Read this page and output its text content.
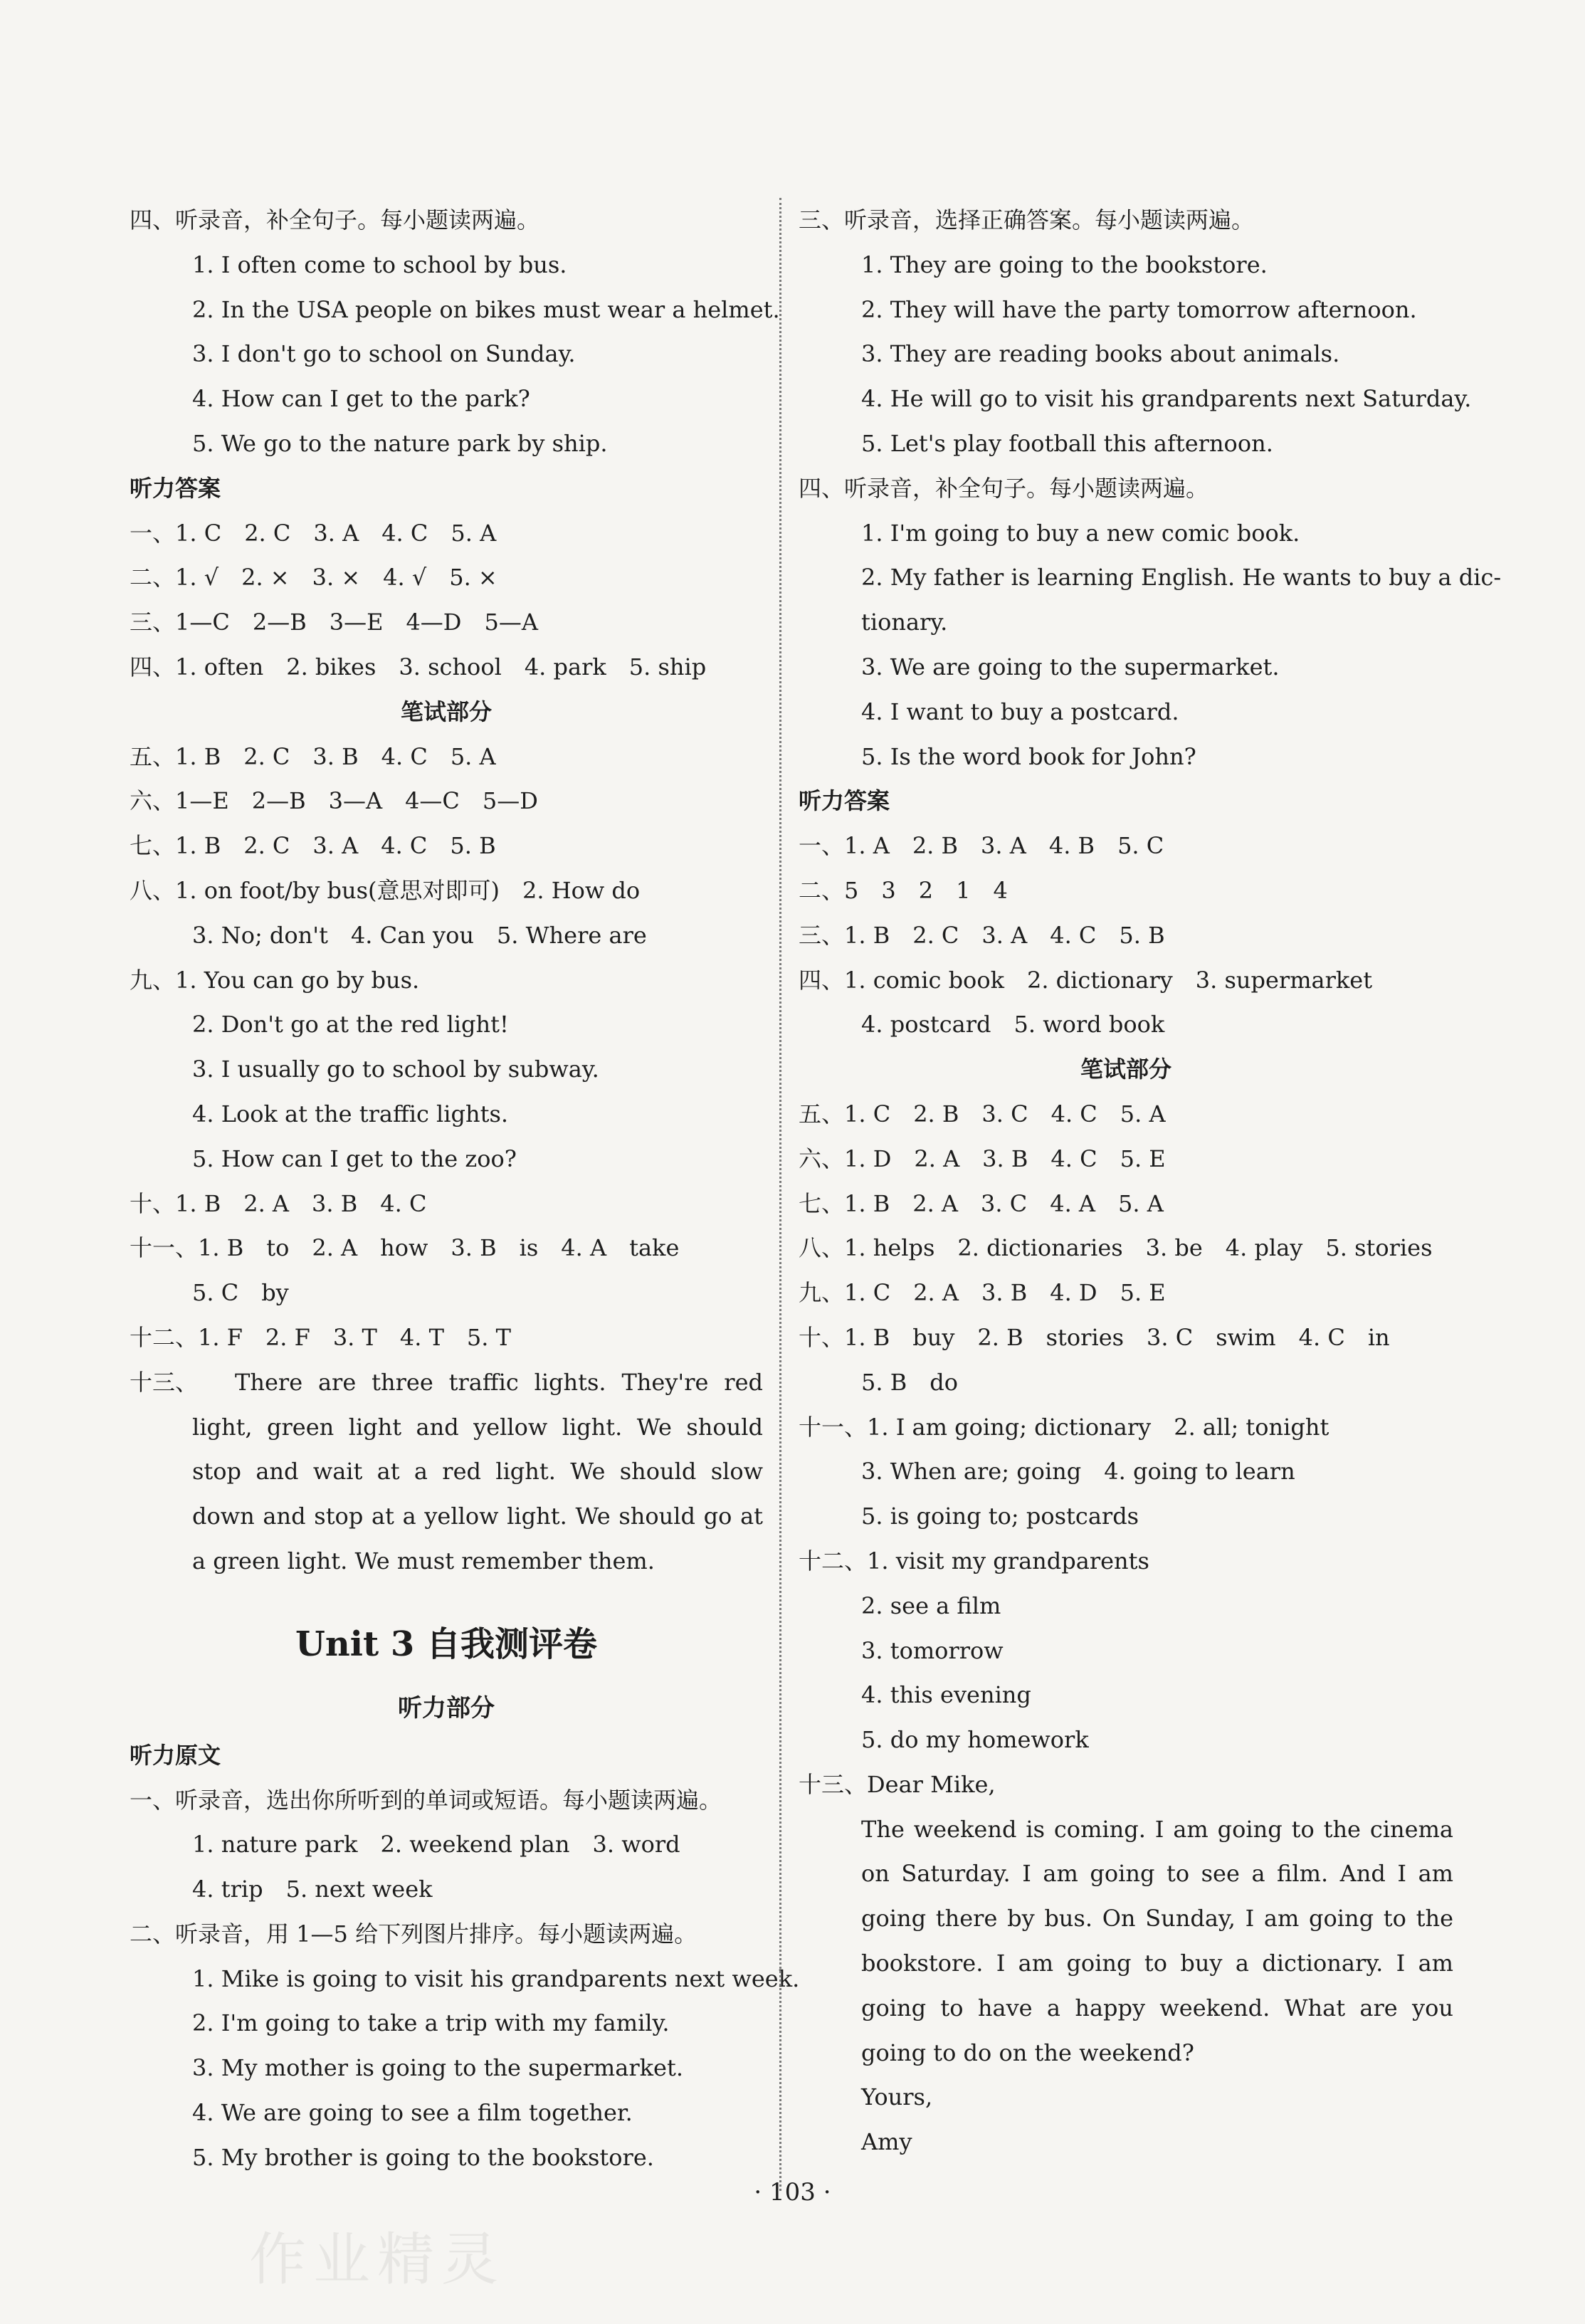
四、听录音，补全句子。每小题读两遍。
1. I often come to school by bus.
2. In the USA people on bikes must wear a helmet.
3. I don't go to school on Sunday.
4. How can I get to the park?
5. We go to the nature park by ship.
听力答案
一、1. C　2. C　3. A　4. C　5. A
二、1. √　2. ×　3. ×　4. √　5. ×
三、1—C　2—B　3—E　4—D　5—A
四、1. often　2. bikes　3. school　4. park　5. ship
笔试部分
五、1. B　2. C　3. B　4. C　5. A
六、1—E　2—B　3—A　4—C　5—D
七、1. B　2. C　3. A　4. C　5. B
八、1. on foot/by bus(意思对即可)　2. How do
3. No; don't　4. Can you　5. Where are
九、1. You can go by bus.
2. Don't go at the red light!
3. I usually go to school by subway.
4. Look at the traffic lights.
5. How can I get to the zoo?
十、1. B　2. A　3. B　4. C
十一、1. B　to　2. A　how　3. B　is　4. A　take
5. C　by
十二、1. F　2. F　3. T　4. T　5. T
十三、	There are three traffic lights. They're red light, green light and yellow light. We should stop and wait at a red light. We should slow down and stop at a yellow light. We should go at a green light. We must remember them.
Unit 3 自我测评卷
听力部分
听力原文
一、听录音，选出你所听到的单词或短语。每小题读两遍。
1. nature park　2. weekend plan　3. word
4. trip　5. next week
二、听录音，用 1—5 给下列图片排序。每小题读两遍。
1. Mike is going to visit his grandparents next week.
2. I'm going to take a trip with my family.
3. My mother is going to the supermarket.
4. We are going to see a film together.
5. My brother is going to the bookstore.
三、听录音，选择正确答案。每小题读两遍。
1. They are going to the bookstore.
2. They will have the party tomorrow afternoon.
3. They are reading books about animals.
4. He will go to visit his grandparents next Saturday.
5. Let's play football this afternoon.
四、听录音，补全句子。每小题读两遍。
1. I'm going to buy a new comic book.
2. My father is learning English. He wants to buy a dic-
tionary.
3. We are going to the supermarket.
4. I want to buy a postcard.
5. Is the word book for John?
听力答案
一、1. A　2. B　3. A　4. B　5. C
二、5　3　2　1　4
三、1. B　2. C　3. A　4. C　5. B
四、1. comic book　2. dictionary　3. supermarket
4. postcard　5. word book
笔试部分
五、1. C　2. B　3. C　4. C　5. A
六、1. D　2. A　3. B　4. C　5. E
七、1. B　2. A　3. C　4. A　5. A
八、1. helps　2. dictionaries　3. be　4. play　5. stories
九、1. C　2. A　3. B　4. D　5. E
十、1. B　buy　2. B　stories　3. C　swim　4. C　in
5. B　do
十一、1. I am going; dictionary　2. all; tonight
3. When are; going　4. going to learn
5. is going to; postcards
十二、1. visit my grandparents
2. see a film
3. tomorrow
4. this evening
5. do my homework
十三、Dear Mike,
The weekend is coming. I am going to the cinema on Saturday. I am going to see a film. And I am going there by bus. On Sunday, I am going to the bookstore. I am going to buy a dictionary. I am going to have a happy weekend. What are you going to do on the weekend?
Yours,
Amy
· 103 ·
作业精灵
